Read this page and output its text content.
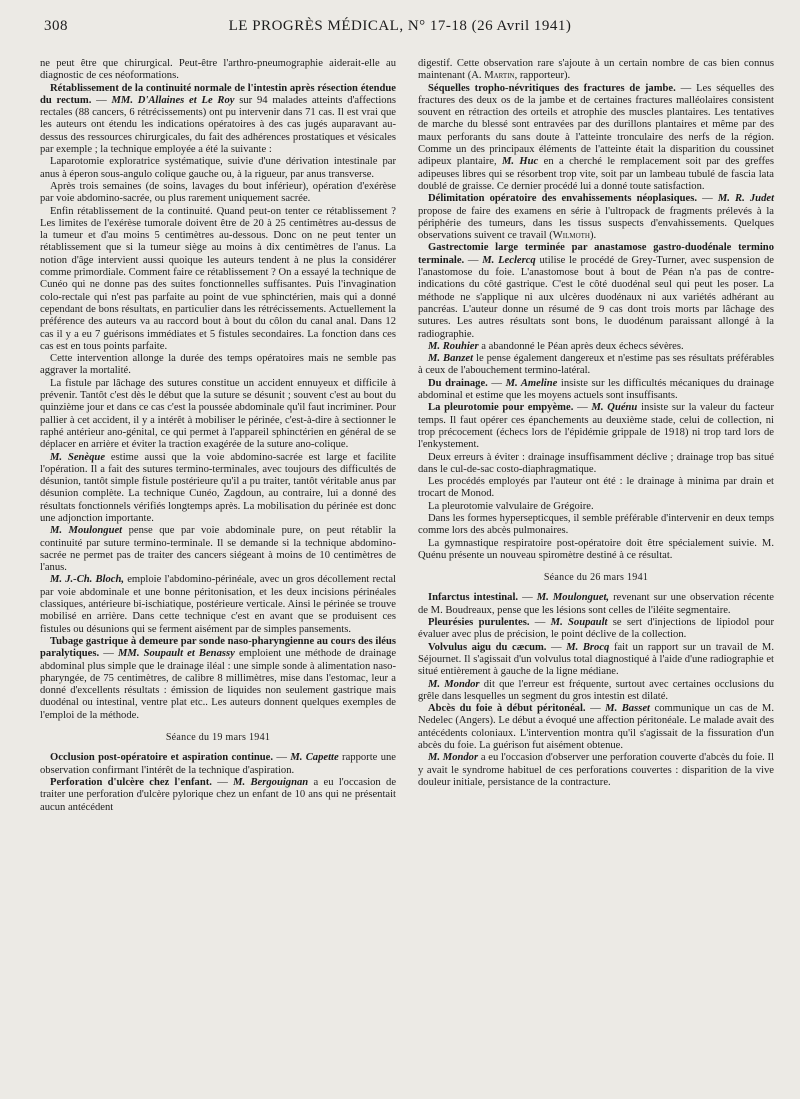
308	LE PROGRÈS MÉDICAL, N° 17-18 (26 Avril 1941)

ne peut être que chirurgical. Peut-être l'arthro-pneumographie aiderait-elle au diagnostic de ces néoformations.

Rétablissement de la continuité normale de l'intestin après résection étendue du rectum. — MM. D'Allaines et Le Roy sur 94 malades atteints d'affections rectales (88 cancers, 6 rétrécissements) ont pu intervenir dans 71 cas. Il est vrai que les auteurs ont étendu les indications opératoires à des cas jugés auparavant au-dessus des ressources chirurgicales, du fait des adhérences prostatiques et vésicales par exemple ; la technique employée a été la suivante :

Laparotomie exploratrice systématique, suivie d'une dérivation intestinale par anus à éperon sous-angulo colique gauche ou, à la rigueur, par anus transverse.

Après trois semaines (de soins, lavages du bout inférieur), opération d'exérèse par voie abdomino-sacrée, ou plus rarement uniquement sacrée.

Enfin rétablissement de la continuité. Quand peut-on tenter ce rétablissement ? Les limites de l'exérèse tumorale doivent être de 20 à 25 centimètres au-dessus de la tumeur et d'au moins 5 centimètres au-dessous. Donc on ne peut tenter un rétablissement que si la tumeur siège au moins à dix centimètres de l'anus. La notion d'âge intervient aussi quoique les auteurs tendent à ne plus la considérer comme primordiale. Comment faire ce rétablissement ? On a essayé la technique de Cunéo qui ne donne pas des suites fonctionnelles suffisantes. Puis l'invagination colo-rectale qui n'est pas parfaite au point de vue sphinctérien, mais qui a donné cependant de bons résultats, en particulier dans les rétrécissements. Actuellement la préférence des auteurs va au raccord bout à bout du côlon du canal anal. Dans 12 cas il y a eu 7 guérisons immédiates et 5 fistules secondaires. La fonction dans ces cas est en tous points parfaite.

Cette intervention allonge la durée des temps opératoires mais ne semble pas aggraver la mortalité.

La fistule par lâchage des sutures constitue un accident ennuyeux et difficile à prévenir. Tantôt c'est dès le début que la suture se désunit ; souvent c'est au bout du quinzième jour et dans ce cas c'est la poussée abdominale qu'il faut incriminer. Pour pallier à cet accident, il y a intérêt à mobiliser le périnée, c'est-à-dire à sectionner le raphé antérieur ano-génital, ce qui permet à l'appareil sphinctérien en général de se déplacer en arrière et éviter la traction exagérée de la suture ano-colique.

M. Senèque estime aussi que la voie abdomino-sacrée est large et facilite l'opération. Il a fait des sutures termino-terminales, avec toujours des difficultés de désunion, tantôt simple fistule postérieure qu'il a pu traiter, tantôt véritable anus par désunion complète. La technique Cunéo, Zagdoun, au contraire, lui a donné des résultats fonctionnels vérifiés longtemps après. La mobilisation du périnée est donc une adjonction importante.

M. Moulonguet pense que par voie abdominale pure, on peut rétablir la continuité par suture termino-terminale. Il se demande si la technique abdomino-sacrée ne permet pas de traiter des cancers siégeant à moins de 10 centimètres de l'anus.

M. J.-Ch. Bloch, emploie l'abdomino-périnéale, avec un gros décollement rectal par voie abdominale et une bonne péritonisation, et les deux incisions périnéales classiques, antérieure bi-ischiatique, postérieure verticale. Ainsi le périnée se trouve mobilisé en arrière. Dans cette technique c'est en avant que se produisent ces fistules ou désunions qui se ferment aisément par de simples pansements.

Tubage gastrique à demeure par sonde naso-pharyngienne au cours des iléus paralytiques. — MM. Soupault et Benassy emploient une méthode de drainage abdominal plus simple que le drainage iléal : une simple sonde à alimentation naso-pharyngée, de 75 centimètres, de calibre 8 millimètres, mise dans l'estomac, leur a donné d'excellents résultats : émission de liquides non seulement gastrique mais duodénal ou intestinal, ventre plat etc.. Les auteurs donnent quelques exemples de l'emploi de la méthode.

Séance du 19 mars 1941

Occlusion post-opératoire et aspiration continue. — M. Capette rapporte une observation confirmant l'intérêt de la technique d'aspiration.

Perforation d'ulcère chez l'enfant. — M. Bergouignan a eu l'occasion de traiter une perforation d'ulcère pylorique chez un enfant de 10 ans qui ne présentait aucun antécédent

digestif. Cette observation rare s'ajoute à un certain nombre de cas bien connus maintenant (A. Martin, rapporteur).

Séquelles tropho-névritiques des fractures de jambe. — Les séquelles des fractures des deux os de la jambe et de certaines fractures malléolaires consistent souvent en rétraction des orteils et atrophie des muscles plantaires. Les tentatives de marche du blessé sont entravées par des durillons plantaires et même par des maux perforants du sans doute à l'atteinte tronculaire des nerfs de la région. Comme un des principaux éléments de l'atteinte était la disparition du coussinet adipeux plantaire, M. Huc en a cherché le remplacement soit par des greffes adipeuses libres qui se résorbent trop vite, soit par un lambeau tubulé de fascia lata doublé de graisse. Ce dernier procédé lui a donné toute satisfaction.

Délimitation opératoire des envahissements néoplasiques. — M. R. Judet propose de faire des examens en série à l'ultropack de fragments prélevés à la périphérie des tumeurs, dans les tissus suspects d'envahissements. Quelques observations suivent ce travail (Wilmoth).

Gastrectomie large terminée par anastamose gastro-duodénale termino terminale. — M. Leclercq utilise le procédé de Grey-Turner, avec suspension de l'anastomose du foie. L'anastomose bout à bout de Péan n'a pas de contre-indications du côté gastrique. C'est le côté duodénal seul qui peut les poser. La méthode ne s'applique ni aux ulcères duodénaux ni aux variétés adhérant au pancréas. L'auteur donne un résumé de 9 cas dont trois morts par lâchage des sutures. Les autres résultats sont bons, le duodénum paraissant allongé à la radiographie.

M. Rouhier a abandonné le Péan après deux échecs sévères.

M. Banzet le pense également dangereux et n'estime pas ses résultats préférables à ceux de l'abouchement termino-latéral.

Du drainage. — M. Ameline insiste sur les difficultés mécaniques du drainage abdominal et estime que les moyens actuels sont insuffisants.

La pleurotomie pour empyème. — M. Quénu insiste sur la valeur du facteur temps. Il faut opérer ces épanchements au deuxième stade, celui de collection, ni trop précocement (échecs lors de l'épidémie grippale de 1918) ni trop tard lors de l'enkystement.

Deux erreurs à éviter : drainage insuffisamment déclive ; drainage trop bas situé dans le cul-de-sac costo-diaphragmatique.

Les procédés employés par l'auteur ont été : le drainage à minima par drain et trocart de Monod.

La pleurotomie valvulaire de Grégoire.

Dans les formes hypersepticques, il semble préférable d'intervenir en deux temps comme lors des abcès pulmonaires.

La gymnastique respiratoire post-opératoire doit être spécialement suivie. M. Quénu présente un nouveau spiromètre destiné à ce résultat.

Séance du 26 mars 1941

Infarctus intestinal. — M. Moulonguet, revenant sur une observation récente de M. Boudreaux, pense que les lésions sont celles de l'iléite segmentaire.

Pleurésies purulentes. — M. Soupault se sert d'injections de lipiodol pour évaluer avec plus de précision, le point déclive de la collection.

Volvulus aigu du cæcum. — M. Brocq fait un rapport sur un travail de M. Séjournet. Il s'agissait d'un volvulus total diagnostiqué à l'aide d'une radiographie et situé entièrement à gauche de la ligne médiane.

M. Mondor dit que l'erreur est fréquente, surtout avec certaines occlusions du grêle dans lesquelles un segment du gros intestin est dilaté.

Abcès du foie à début péritonéal. — M. Basset communique un cas de M. Nedelec (Angers). Le début a évoqué une affection péritonéale. Le malade avait des antécédents coloniaux. L'intervention montra qu'il s'agissait de la fissuration d'un abcès du foie. La guérison fut aisément obtenue.

M. Mondor a eu l'occasion d'observer une perforation couverte d'abcès du foie. Il y avait le syndrome habituel de ces perforations couvertes : disparition de la vive douleur initiale, persistance de la contracture.
